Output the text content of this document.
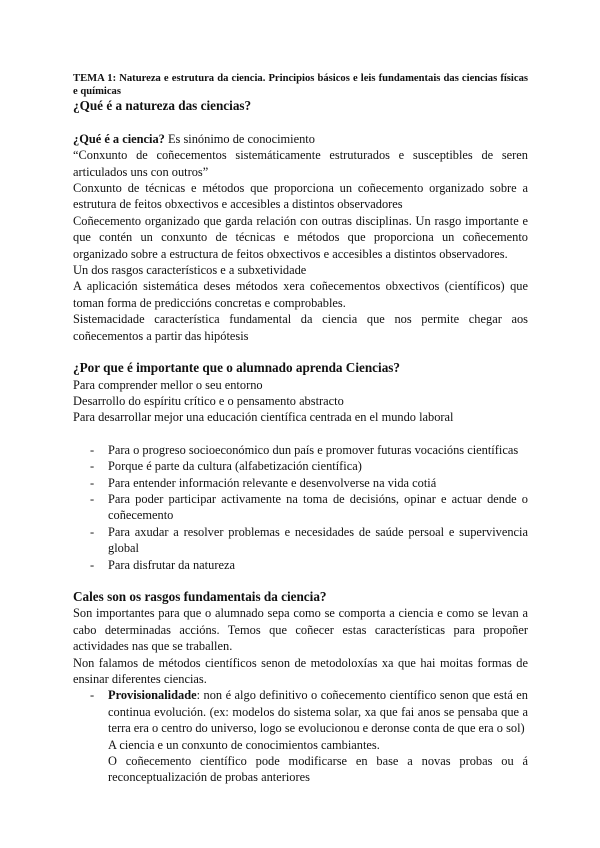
TEMA 1: Natureza e estrutura da ciencia. Principios básicos e leis fundamentais das ciencias físicas e químicas

¿Qué é a natureza das ciencias?

¿Qué é a ciencia? Es sinónimo de conocimiento

“Conxunto de coñecementos sistemáticamente estruturados e susceptibles de seren articulados uns con outros”

Conxunto de técnicas e métodos que proporciona un coñecemento organizado sobre a estrutura de feitos obxectivos e accesibles a distintos observadores

Coñecemento organizado que garda relación con outras disciplinas. Un rasgo importante e que contén un conxunto de técnicas e métodos que proporciona un coñecemento organizado sobre a estructura de feitos obxectivos e accesibles a distintos observadores.

Un dos rasgos característicos e a subxetividade

A aplicación sistemática deses métodos xera coñecementos obxectivos (científicos) que toman forma de prediccións concretas e comprobables.

Sistemacidade característica fundamental da ciencia que nos permite chegar aos coñecementos a partir das hipótesis

¿Por que é importante que o alumnado aprenda Ciencias?

Para comprender mellor o seu entorno

Desarrollo do espíritu crítico e o pensamento abstracto

Para desarrollar mejor una educación científica centrada en el mundo laboral

- Para o progreso socioeconómico dun país e promover futuras vocacións científicas
- Porque é parte da cultura (alfabetización científica)
- Para entender información relevante e desenvolverse na vida cotiá
- Para poder participar activamente na toma de decisións, opinar e actuar dende o coñecemento
- Para axudar a resolver problemas e necesidades de saúde persoal e supervivencia global
- Para disfrutar da natureza

Cales son os rasgos fundamentais da ciencia?

Son importantes para que o alumnado sepa como se comporta a ciencia e como se levan a cabo determinadas accións. Temos que coñecer estas características para propoñer actividades nas que se traballen.

Non falamos de métodos científicos senon de metodoloxías xa que hai moitas formas de ensinar diferentes ciencias.

- Provisionalidade: non é algo definitivo o coñecemento científico senon que está en continua evolución. (ex: modelos do sistema solar, xa que fai anos se pensaba que a terra era o centro do universo, logo se evolucionou e deronse conta de que era o sol)

A ciencia e un conxunto de conocimientos cambiantes.

O coñecemento científico pode modificarse en base a novas probas ou á reconceptualización de probas anteriores
